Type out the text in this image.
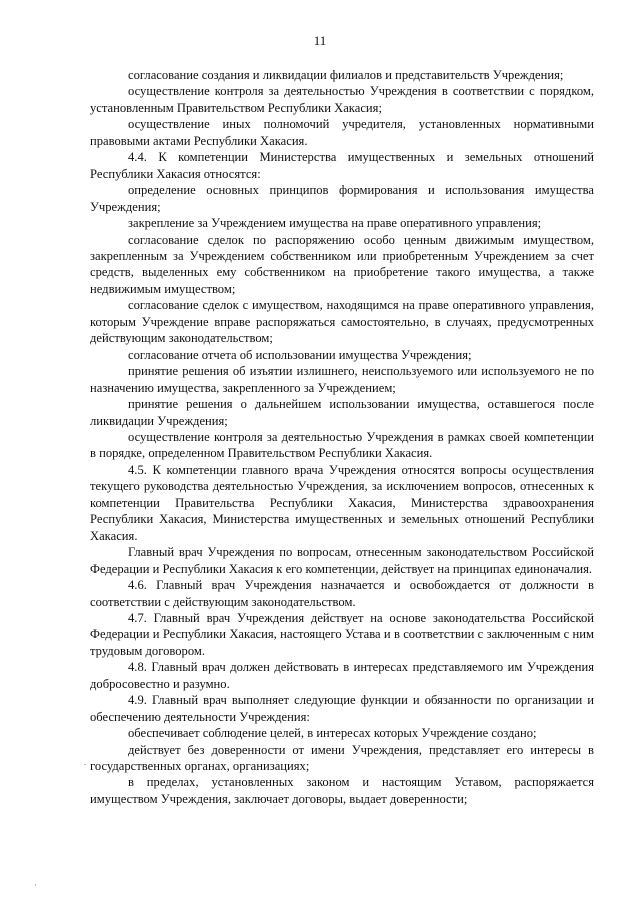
11

согласование создания и ликвидации филиалов и представительств Учреждения;

осуществление контроля за деятельностью Учреждения в соответствии с порядком, установленным Правительством Республики Хакасия;

осуществление иных полномочий учредителя, установленных нормативными правовыми актами Республики Хакасия.

4.4. К компетенции Министерства имущественных и земельных отношений Республики Хакасия относятся:

определение основных принципов формирования и использования имущества Учреждения;

закрепление за Учреждением имущества на праве оперативного управления;

согласование сделок по распоряжению особо ценным движимым имуществом, закрепленным за Учреждением собственником или приобретенным Учреждением за счет средств, выделенных ему собственником на приобретение такого имущества, а также недвижимым имуществом;

согласование сделок с имуществом, находящимся на праве оперативного управления, которым Учреждение вправе распоряжаться самостоятельно, в случаях, предусмотренных действующим законодательством;

согласование отчета об использовании имущества Учреждения;

принятие решения об изъятии излишнего, неиспользуемого или используемого не по назначению имущества, закрепленного за Учреждением;

принятие решения о дальнейшем использовании имущества, оставшегося после ликвидации Учреждения;

осуществление контроля за деятельностью Учреждения в рамках своей компетенции в порядке, определенном Правительством Республики Хакасия.

4.5. К компетенции главного врача Учреждения относятся вопросы осуществления текущего руководства деятельностью Учреждения, за исключением вопросов, отнесенных к компетенции Правительства Республики Хакасия, Министерства здравоохранения Республики Хакасия, Министерства имущественных и земельных отношений Республики Хакасия.

Главный врач Учреждения по вопросам, отнесенным законодательством Российской Федерации и Республики Хакасия к его компетенции, действует на принципах единоначалия.

4.6. Главный врач Учреждения назначается и освобождается от должности в соответствии с действующим законодательством.

4.7. Главный врач Учреждения действует на основе законодательства Российской Федерации и Республики Хакасия, настоящего Устава и в соответствии с заключенным с ним трудовым договором.

4.8. Главный врач должен действовать в интересах представляемого им Учреждения добросовестно и разумно.

4.9. Главный врач выполняет следующие функции и обязанности по организации и обеспечению деятельности Учреждения:

обеспечивает соблюдение целей, в интересах которых Учреждение создано;

действует без доверенности от имени Учреждения, представляет его интересы в государственных органах, организациях;

в пределах, установленных законом и настоящим Уставом, распоряжается имуществом Учреждения, заключает договоры, выдает доверенности;

.
·
